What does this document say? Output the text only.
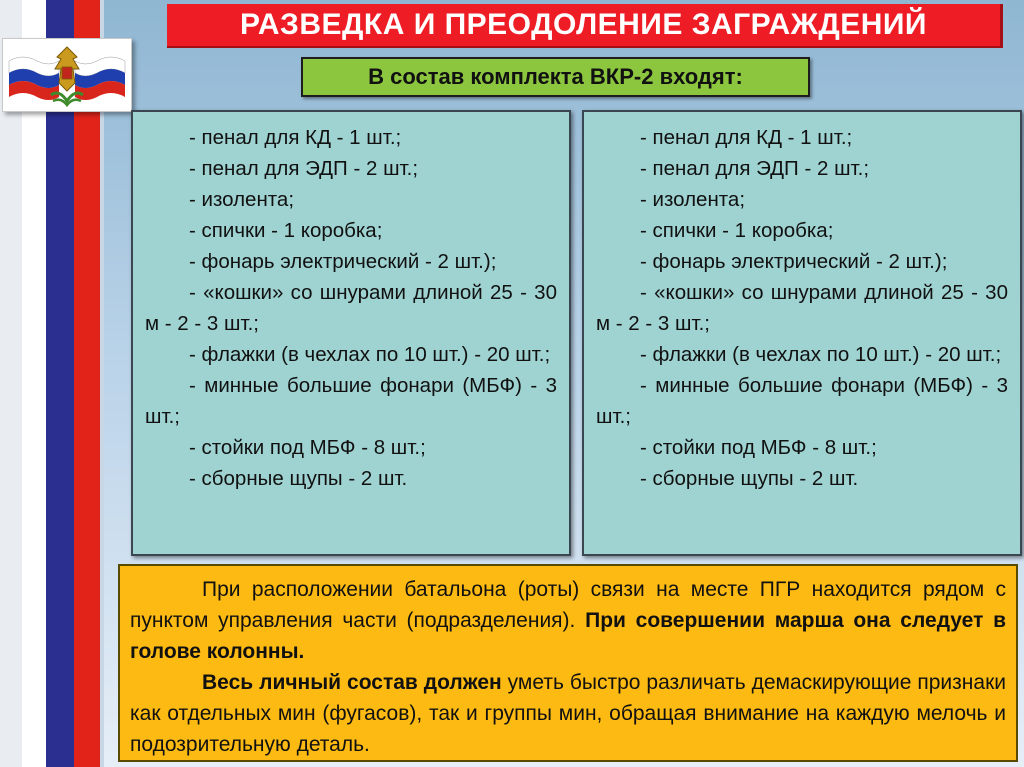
РАЗВЕДКА И ПРЕОДОЛЕНИЕ ЗАГРАЖДЕНИЙ
В состав комплекта ВКР-2 входят:

- пенал для КД - 1 шт.;

- пенал для ЭДП - 2 шт.;

- изолента;

- спички - 1 коробка;

- фонарь электрический - 2 шт.);

- «кошки» со шнурами длиной 25 - 30 м - 2 - 3 шт.;

- флажки (в чехлах по 10 шт.) - 20 шт.;

- минные большие фонари (МБФ) - 3 шт.;

- стойки под МБФ - 8 шт.;

- сборные щупы - 2 шт.

- пенал для КД - 1 шт.;

- пенал для ЭДП - 2 шт.;

- изолента;

- спички - 1 коробка;

- фонарь электрический - 2 шт.);

- «кошки» со шнурами длиной 25 - 30 м - 2 - 3 шт.;

- флажки (в чехлах по 10 шт.) - 20 шт.;

- минные большие фонари (МБФ) - 3 шт.;

- стойки под МБФ - 8 шт.;

- сборные щупы - 2 шт.

При расположении батальона (роты) связи на месте ПГР находится рядом с пунктом управления части (подразделения). При совершении марша она следует в голове колонны.

Весь личный состав должен уметь быстро различать демаскирующие признаки как отдельных мин (фугасов), так и группы мин, обращая внимание на каждую мелочь и подозрительную деталь.
